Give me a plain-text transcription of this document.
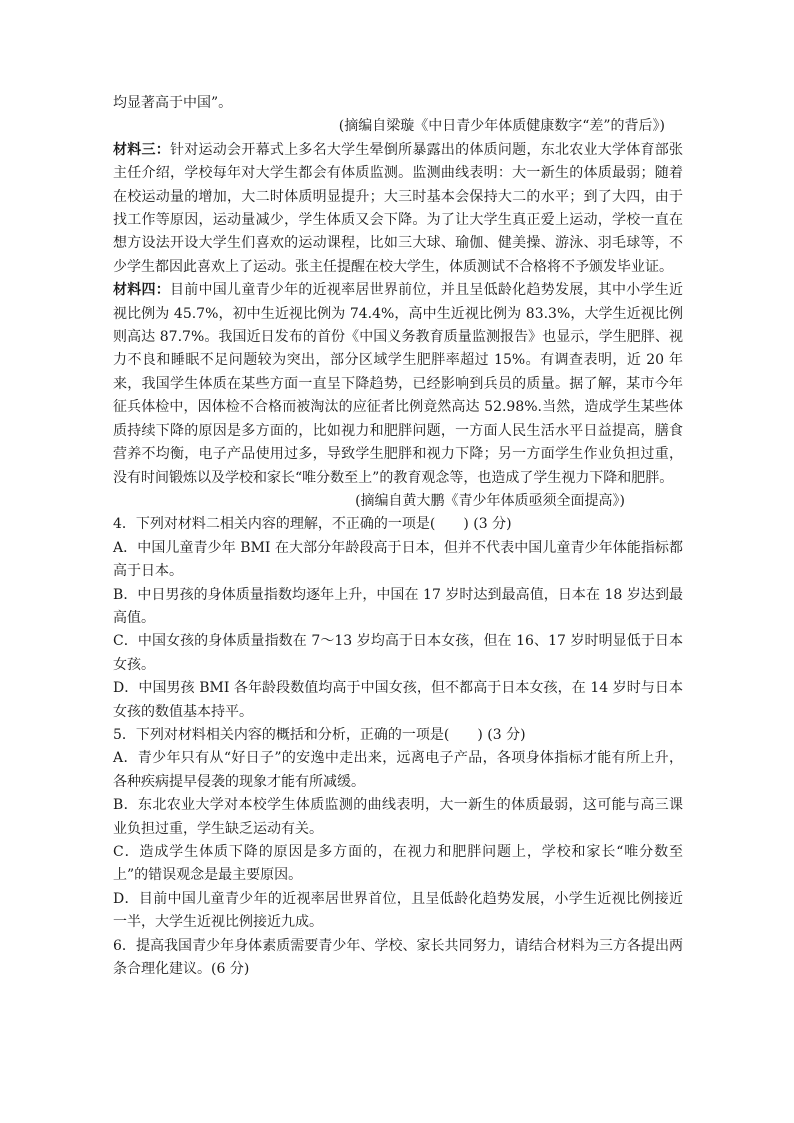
均显著高于中国”。

(摘编自梁璇《中日青少年体质健康数字“差”的背后》)

材料三：针对运动会开幕式上多名大学生晕倒所暴露出的体质问题，东北农业大学体育部张主任介绍，学校每年对大学生都会有体质监测。监测曲线表明：大一新生的体质最弱；随着在校运动量的增加，大二时体质明显提升；大三时基本会保持大二的水平；到了大四，由于找工作等原因，运动量减少，学生体质又会下降。为了让大学生真正爱上运动，学校一直在想方设法开设大学生们喜欢的运动课程，比如三大球、瑜伽、健美操、游泳、羽毛球等，不少学生都因此喜欢上了运动。张主任提醒在校大学生，体质测试不合格将不予颁发毕业证。

材料四：目前中国儿童青少年的近视率居世界前位，并且呈低龄化趋势发展，其中小学生近视比例为 45.7%，初中生近视比例为 74.4%，高中生近视比例为 83.3%，大学生近视比例则高达 87.7%。我国近日发布的首份《中国义务教育质量监测报告》也显示，学生肥胖、视力不良和睡眠不足问题较为突出，部分区域学生肥胖率超过 15%。有调查表明，近 20 年来，我国学生体质在某些方面一直呈下降趋势，已经影响到兵员的质量。据了解，某市今年征兵体检中，因体检不合格而被淘汰的应征者比例竟然高达 52.98%.当然，造成学生某些体质持续下降的原因是多方面的，比如视力和肥胖问题，一方面人民生活水平日益提高，膳食营养不均衡，电子产品使用过多，导致学生肥胖和视力下降；另一方面学生作业负担过重，没有时间锻炼以及学校和家长“唯分数至上”的教育观念等，也造成了学生视力下降和肥胖。

(摘编自黄大鹏《青少年体质亟须全面提高》)

4．下列对材料二相关内容的理解，不正确的一项是(　　) (3 分)

A．中国儿童青少年 BMI 在大部分年龄段高于日本，但并不代表中国儿童青少年体能指标都高于日本。

B．中日男孩的身体质量指数均逐年上升，中国在 17 岁时达到最高值，日本在 18 岁达到最高值。

C．中国女孩的身体质量指数在 7～13 岁均高于日本女孩，但在 16、17 岁时明显低于日本女孩。

D．中国男孩 BMI 各年龄段数值均高于中国女孩，但不都高于日本女孩，在 14 岁时与日本女孩的数值基本持平。

5．下列对材料相关内容的概括和分析，正确的一项是(　　) (3 分)

A．青少年只有从“好日子”的安逸中走出来，远离电子产品，各项身体指标才能有所上升，各种疾病提早侵袭的现象才能有所减缓。

B．东北农业大学对本校学生体质监测的曲线表明，大一新生的体质最弱，这可能与高三课业负担过重，学生缺乏运动有关。

C．造成学生体质下降的原因是多方面的，在视力和肥胖问题上，学校和家长“唯分数至上”的错误观念是最主要原因。

D．目前中国儿童青少年的近视率居世界首位，且呈低龄化趋势发展，小学生近视比例接近一半，大学生近视比例接近九成。

6．提高我国青少年身体素质需要青少年、学校、家长共同努力，请结合材料为三方各提出两条合理化建议。(6 分)
